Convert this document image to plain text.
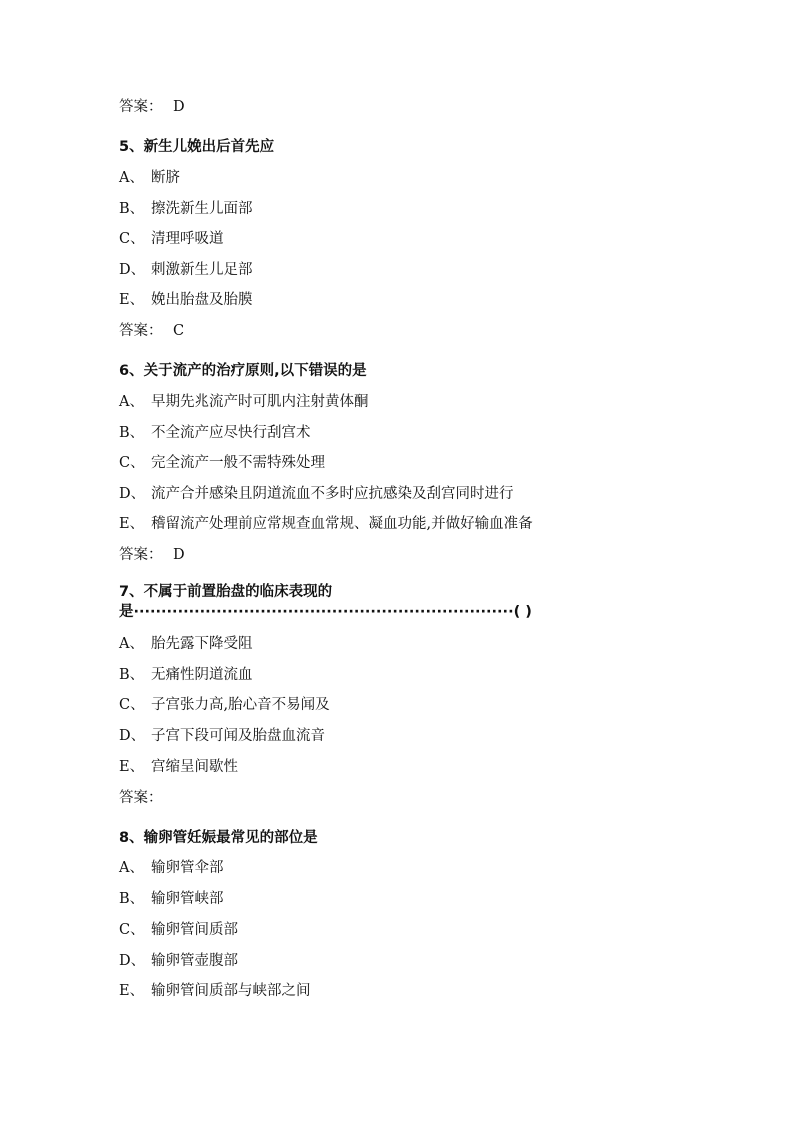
答案： D
5、新生儿娩出后首先应
A、 断脐
B、 擦洗新生儿面部
C、 清理呼吸道
D、 刺激新生儿足部
E、 娩出胎盘及胎膜
答案： C
6、关于流产的治疗原则,以下错误的是
A、 早期先兆流产时可肌内注射黄体酮
B、 不全流产应尽快行刮宫术
C、 完全流产一般不需特殊处理
D、 流产合并感染且阴道流血不多时应抗感染及刮宫同时进行
E、 稽留流产处理前应常规查血常规、凝血功能,并做好输血准备
答案： D
7、不属于前置胎盘的临床表现的
是·····································································( )
A、 胎先露下降受阻
B、 无痛性阴道流血
C、 子宫张力高,胎心音不易闻及
D、 子宫下段可闻及胎盘血流音
E、 宫缩呈间歇性
答案：
8、输卵管妊娠最常见的部位是
A、 输卵管伞部
B、 输卵管峡部
C、 输卵管间质部
D、 输卵管壶腹部
E、 输卵管间质部与峡部之间
